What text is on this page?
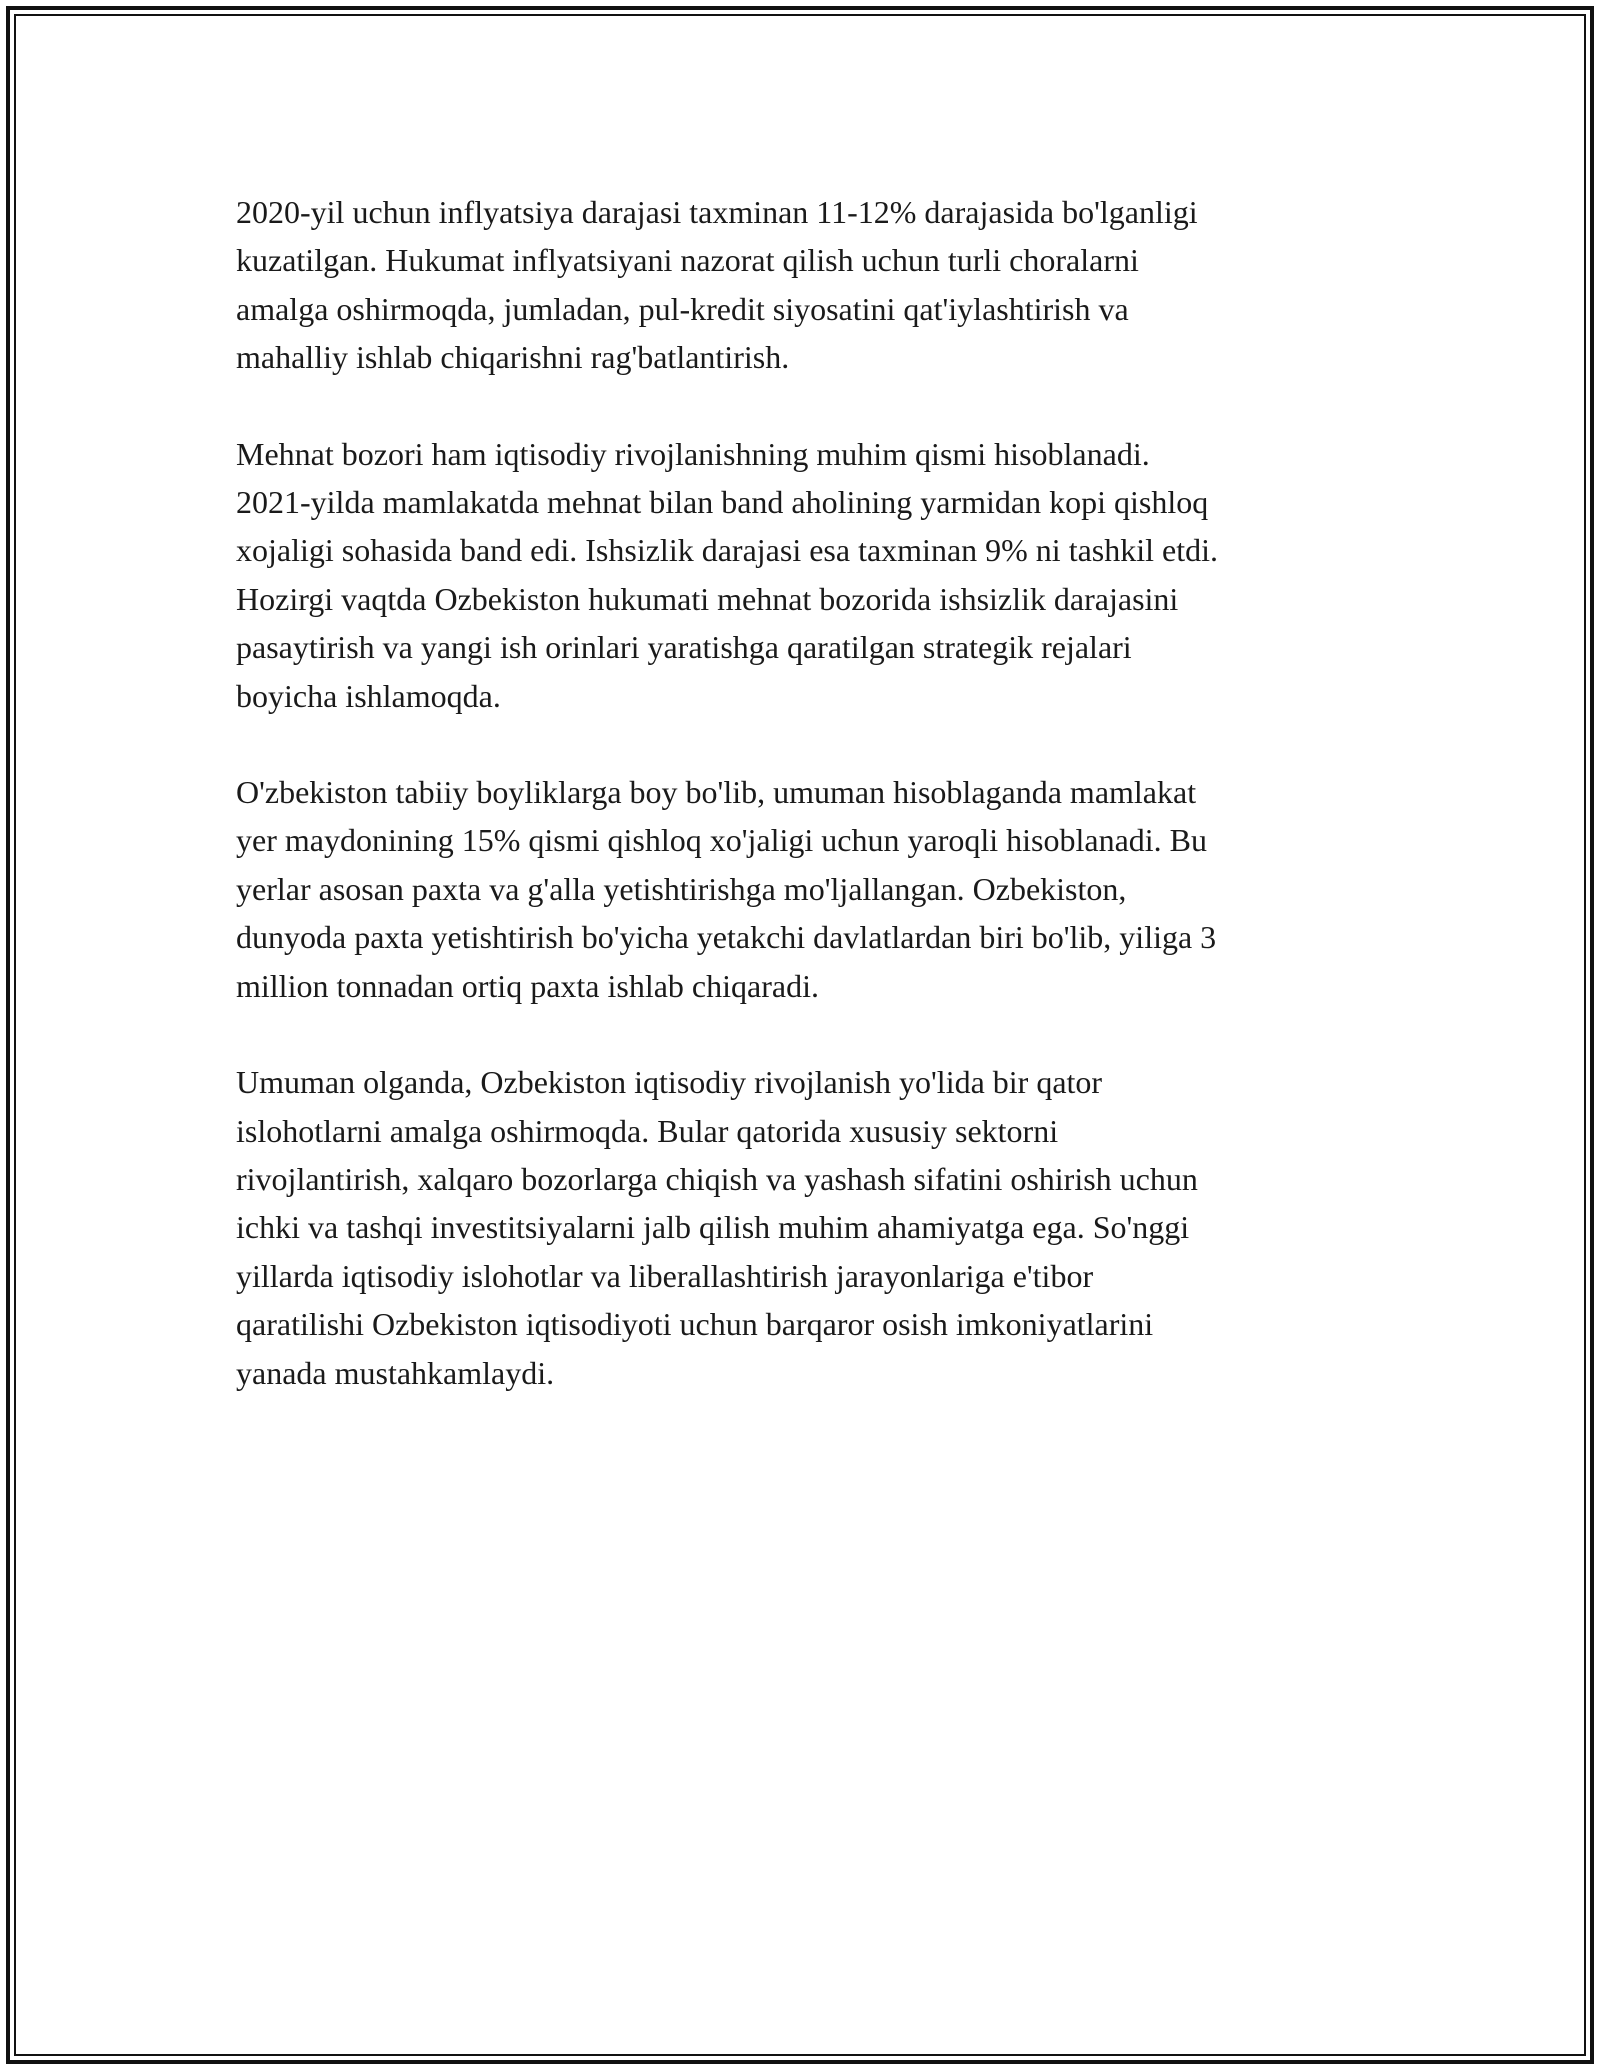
2020-yil uchun inflyatsiya darajasi taxminan 11-12% darajasida bo'lganligi
kuzatilgan. Hukumat inflyatsiyani nazorat qilish uchun turli choralarni
amalga oshirmoqda, jumladan, pul-kredit siyosatini qat'iylashtirish va
mahalliy ishlab chiqarishni rag'batlantirish.

Mehnat bozori ham iqtisodiy rivojlanishning muhim qismi hisoblanadi.
2021-yilda mamlakatda mehnat bilan band aholining yarmidan kopi qishloq
xojaligi sohasida band edi. Ishsizlik darajasi esa taxminan 9% ni tashkil etdi.
Hozirgi vaqtda Ozbekiston hukumati mehnat bozorida ishsizlik darajasini
pasaytirish va yangi ish orinlari yaratishga qaratilgan strategik rejalari
boyicha ishlamoqda.

O'zbekiston tabiiy boyliklarga boy bo'lib, umuman hisoblaganda mamlakat
yer maydonining 15% qismi qishloq xo'jaligi uchun yaroqli hisoblanadi. Bu
yerlar asosan paxta va g'alla yetishtirishga mo'ljallangan. Ozbekiston,
dunyoda paxta yetishtirish bo'yicha yetakchi davlatlardan biri bo'lib, yiliga 3
million tonnadan ortiq paxta ishlab chiqaradi.

Umuman olganda, Ozbekiston iqtisodiy rivojlanish yo'lida bir qator
islohotlarni amalga oshirmoqda. Bular qatorida xususiy sektorni
rivojlantirish, xalqaro bozorlarga chiqish va yashash sifatini oshirish uchun
ichki va tashqi investitsiyalarni jalb qilish muhim ahamiyatga ega. So'nggi
yillarda iqtisodiy islohotlar va liberallashtirish jarayonlariga e'tibor
qaratilishi Ozbekiston iqtisodiyoti uchun barqaror osish imkoniyatlarini
yanada mustahkamlaydi.
